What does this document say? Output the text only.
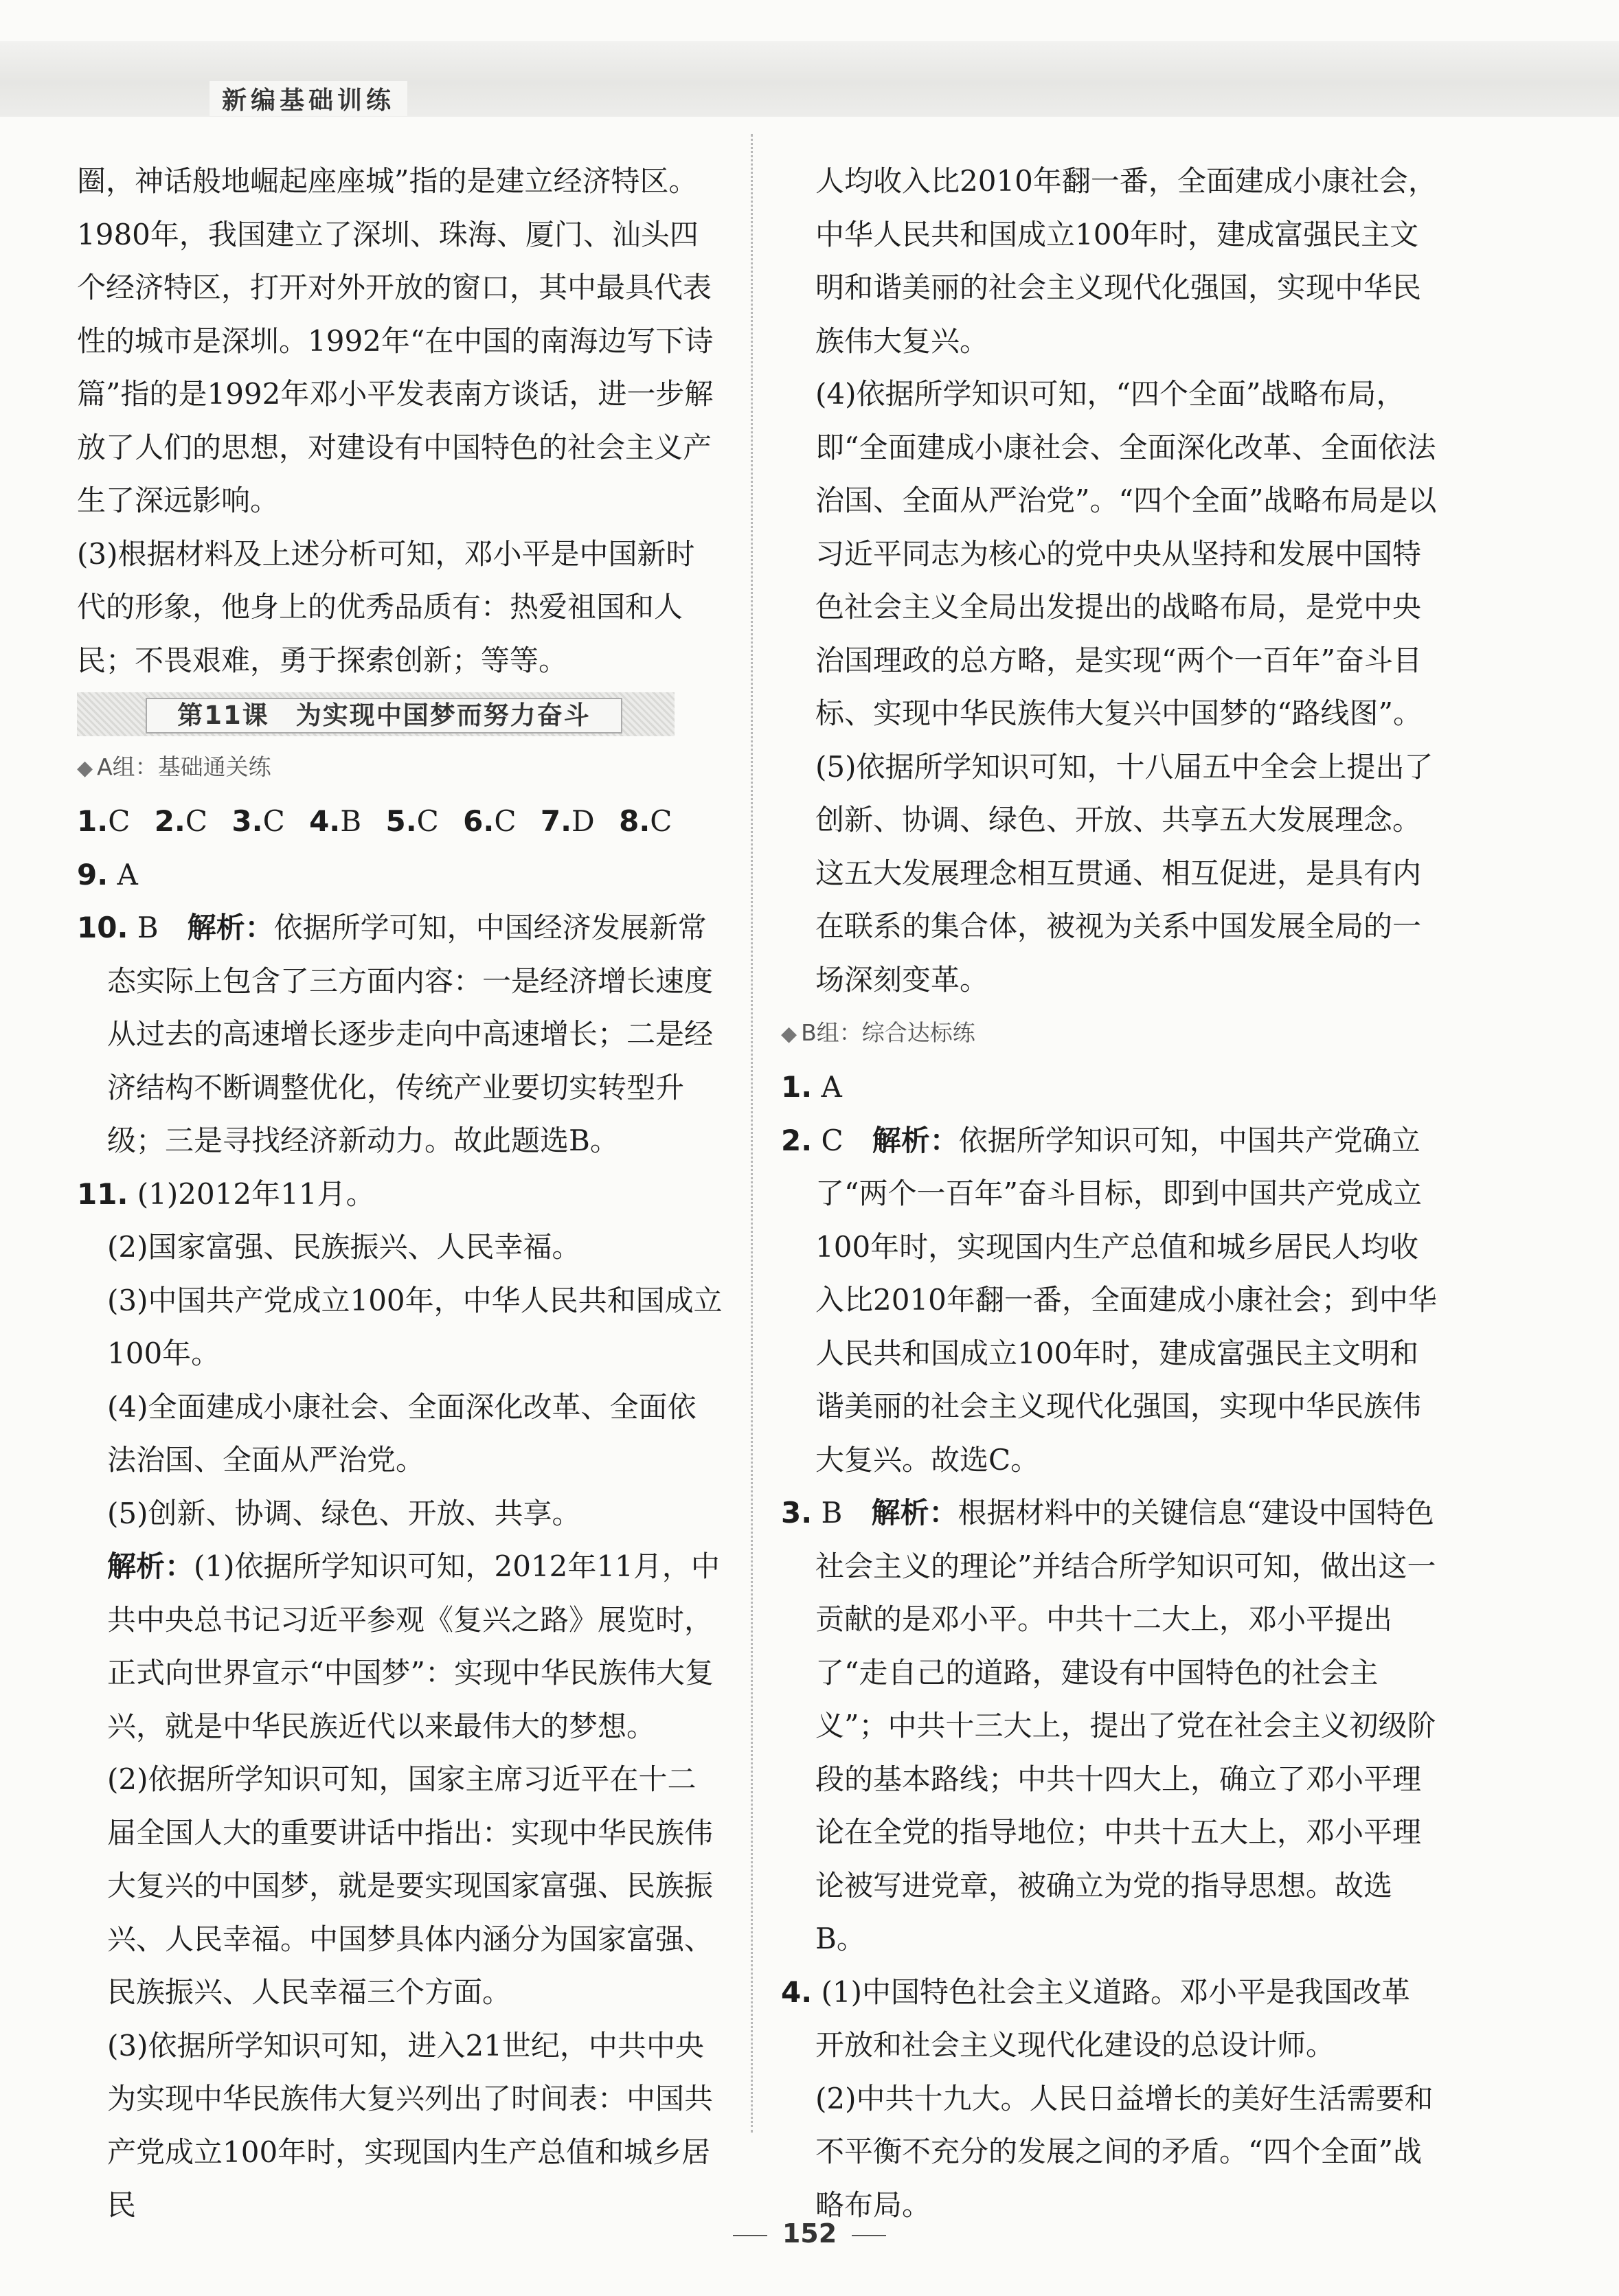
新编基础训练

圈，神话般地崛起座座城”指的是建立经济特区。1980年，我国建立了深圳、珠海、厦门、汕头四个经济特区，打开对外开放的窗口，其中最具代表性的城市是深圳。1992年“在中国的南海边写下诗篇”指的是1992年邓小平发表南方谈话，进一步解放了人们的思想，对建设有中国特色的社会主义产生了深远影响。

(3)根据材料及上述分析可知，邓小平是中国新时代的形象，他身上的优秀品质有：热爱祖国和人民；不畏艰难，勇于探索创新；等等。

第11课　为实现中国梦而努力奋斗
◆ A组：基础通关练
1.C 2.C 3.C 4.B 5.C 6.C 7.D 8.C
9. A
10. B　 解析：依据所学可知，中国经济发展新常态实际上包含了三方面内容：一是经济增长速度从过去的高速增长逐步走向中高速增长；二是经济结构不断调整优化，传统产业要切实转型升级；三是寻找经济新动力。故此题选B。
11. (1)2012年11月。
(2)国家富强、民族振兴、人民幸福。
(3)中国共产党成立100年，中华人民共和国成立100年。
(4)全面建成小康社会、全面深化改革、全面依法治国、全面从严治党。
(5)创新、协调、绿色、开放、共享。
解析：(1)依据所学知识可知，2012年11月，中共中央总书记习近平参观《复兴之路》展览时，正式向世界宣示“中国梦”：实现中华民族伟大复兴，就是中华民族近代以来最伟大的梦想。
(2)依据所学知识可知，国家主席习近平在十二届全国人大的重要讲话中指出：实现中华民族伟大复兴的中国梦，就是要实现国家富强、民族振兴、人民幸福。中国梦具体内涵分为国家富强、民族振兴、人民幸福三个方面。
(3)依据所学知识可知，进入21世纪，中共中央为实现中华民族伟大复兴列出了时间表：中国共产党成立100年时，实现国内生产总值和城乡居民
人均收入比2010年翻一番，全面建成小康社会，中华人民共和国成立100年时，建成富强民主文明和谐美丽的社会主义现代化强国，实现中华民族伟大复兴。
(4)依据所学知识可知，“四个全面”战略布局，即“全面建成小康社会、全面深化改革、全面依法治国、全面从严治党”。“四个全面”战略布局是以习近平同志为核心的党中央从坚持和发展中国特色社会主义全局出发提出的战略布局，是党中央治国理政的总方略，是实现“两个一百年”奋斗目标、实现中华民族伟大复兴中国梦的“路线图”。
(5)依据所学知识可知，十八届五中全会上提出了创新、协调、绿色、开放、共享五大发展理念。这五大发展理念相互贯通、相互促进，是具有内在联系的集合体，被视为关系中国发展全局的一场深刻变革。
◆ B组：综合达标练
1. A
2. C　 解析：依据所学知识可知，中国共产党确立了“两个一百年”奋斗目标，即到中国共产党成立100年时，实现国内生产总值和城乡居民人均收入比2010年翻一番，全面建成小康社会；到中华人民共和国成立100年时，建成富强民主文明和谐美丽的社会主义现代化强国，实现中华民族伟大复兴。故选C。
3. B　 解析：根据材料中的关键信息“建设中国特色社会主义的理论”并结合所学知识可知，做出这一贡献的是邓小平。中共十二大上，邓小平提出了“走自己的道路，建设有中国特色的社会主义”；中共十三大上，提出了党在社会主义初级阶段的基本路线；中共十四大上，确立了邓小平理论在全党的指导地位；中共十五大上，邓小平理论被写进党章，被确立为党的指导思想。故选B。
4. (1)中国特色社会主义道路。邓小平是我国改革开放和社会主义现代化建设的总设计师。
(2)中共十九大。人民日益增长的美好生活需要和不平衡不充分的发展之间的矛盾。“四个全面”战略布局。
152
